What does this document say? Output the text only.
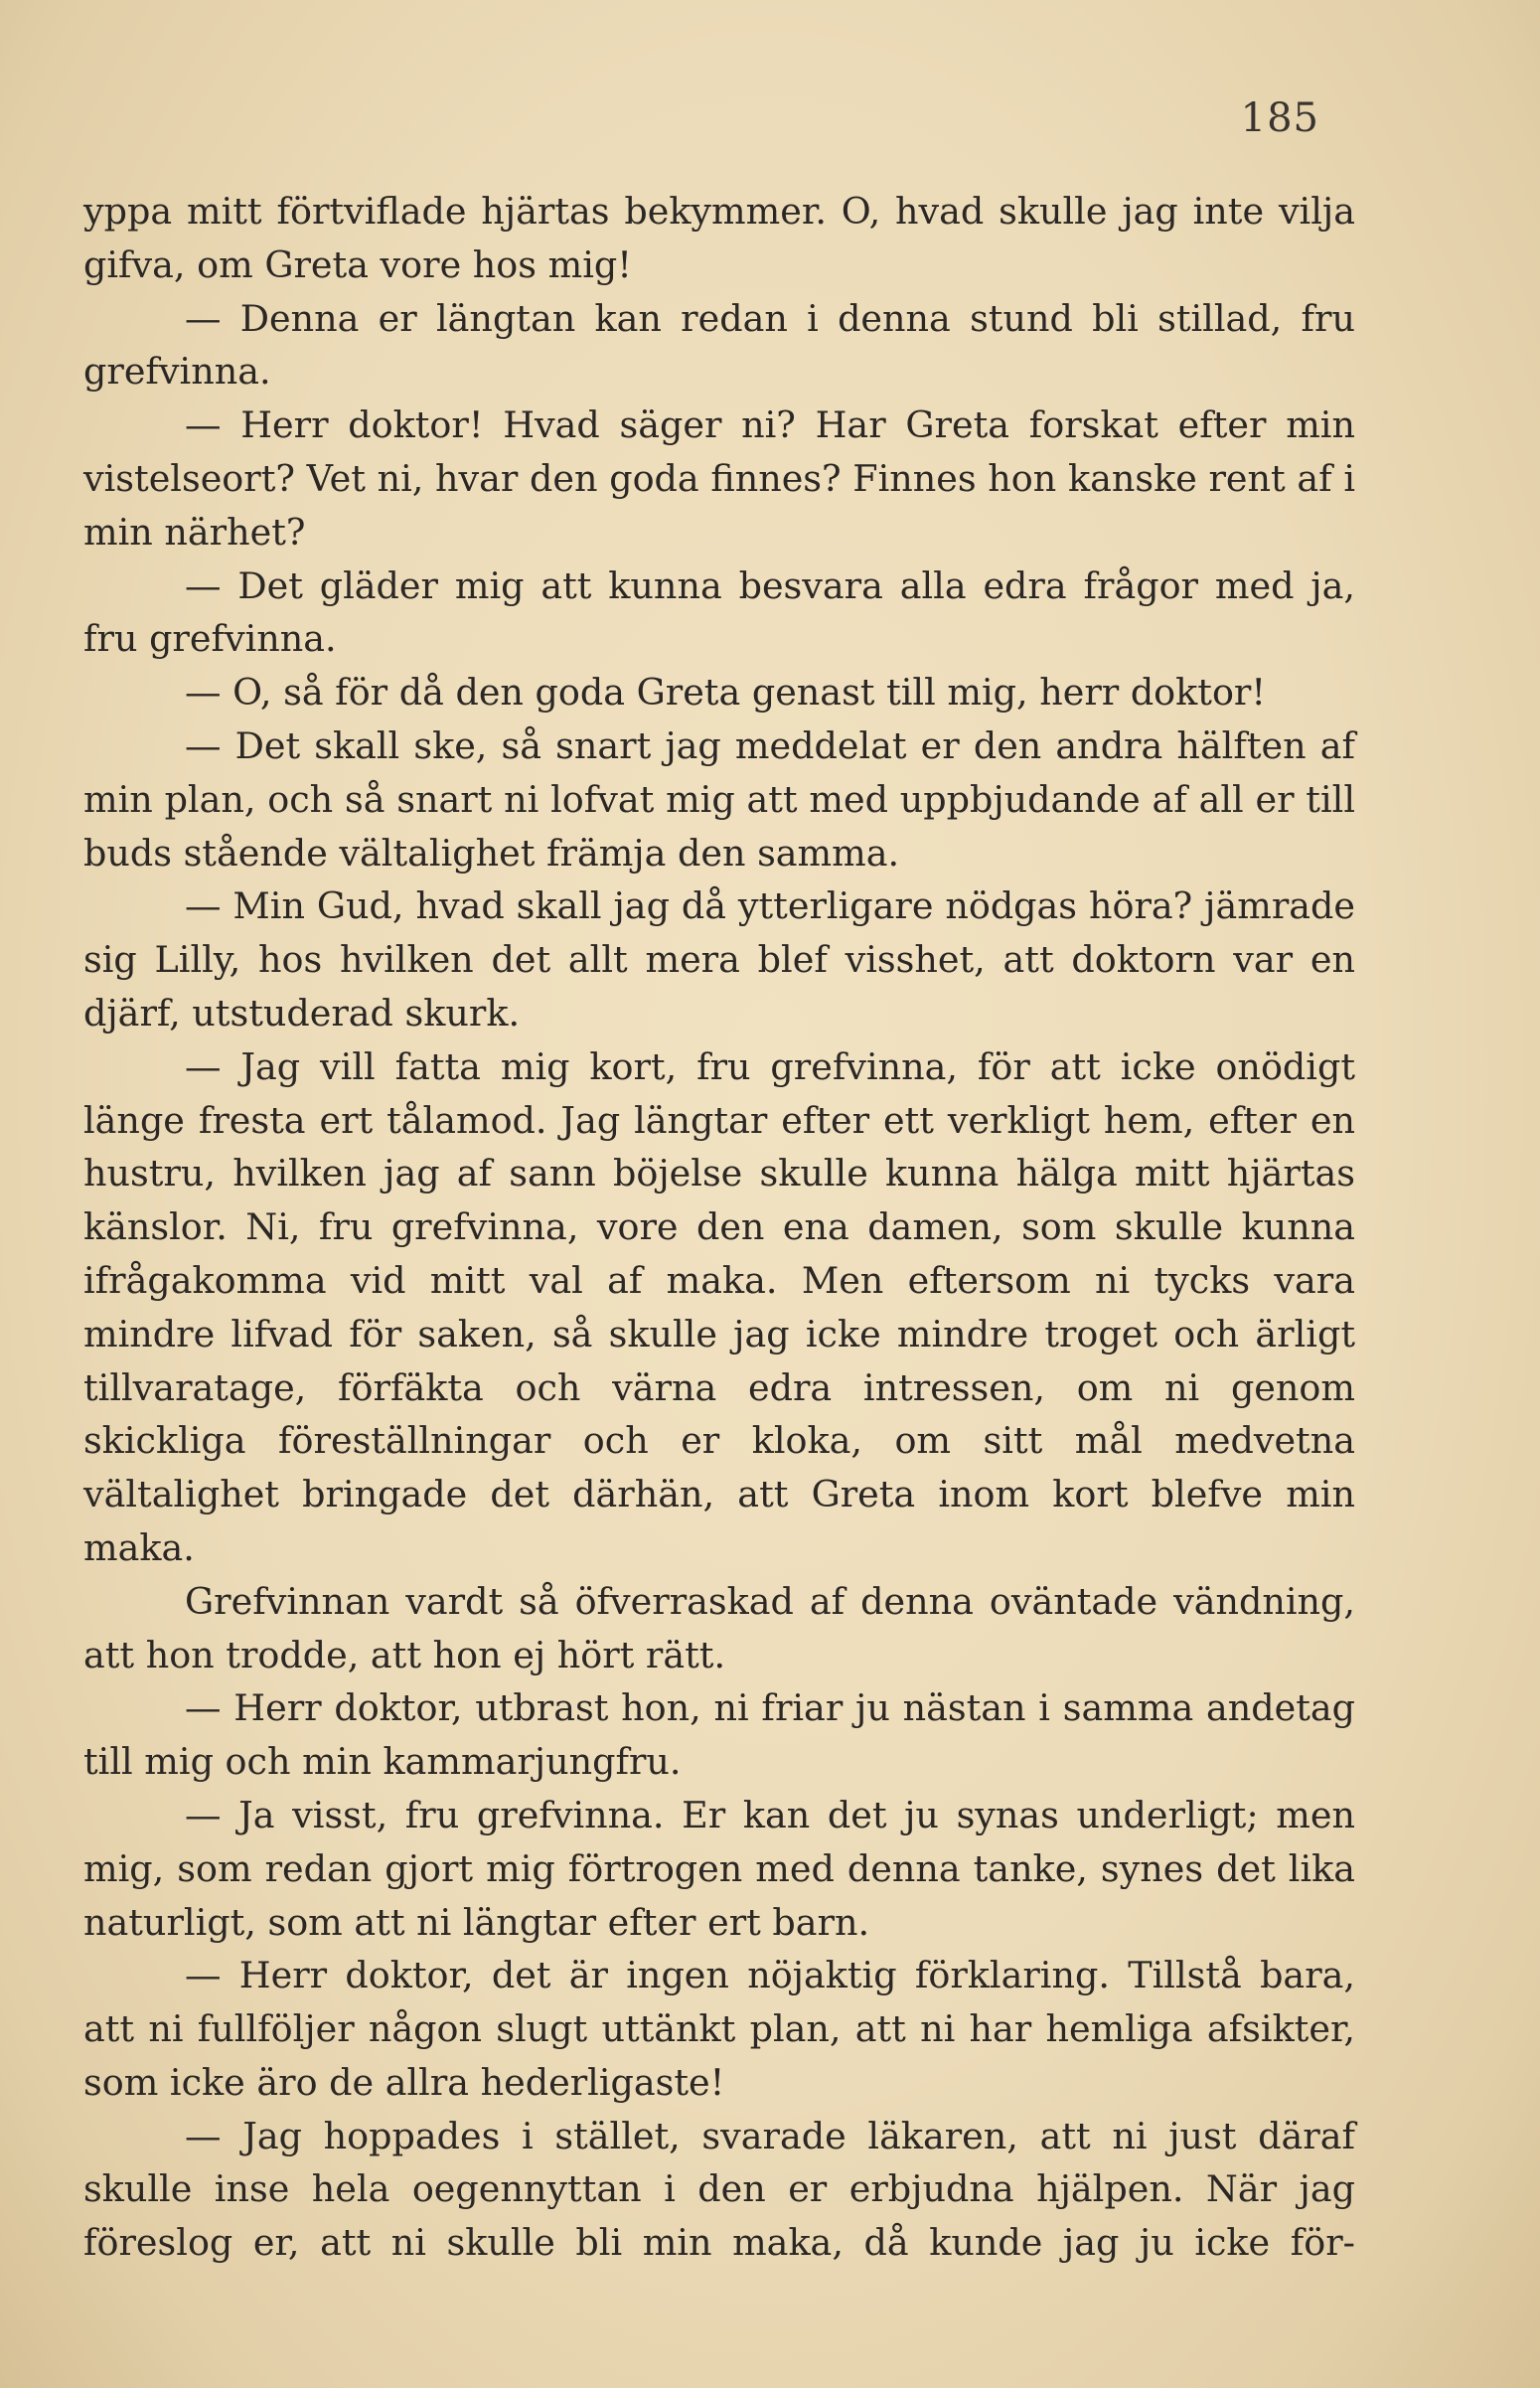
185

yppa mitt förtviflade hjärtas bekymmer. O, hvad skulle jag inte vilja gifva, om Greta vore hos mig!

— Denna er längtan kan redan i denna stund bli stillad, fru grefvinna.

— Herr doktor! Hvad säger ni? Har Greta forskat efter min vistelseort? Vet ni, hvar den goda finnes? Finnes hon kanske rent af i min närhet?

— Det gläder mig att kunna besvara alla edra frågor med ja, fru grefvinna.

— O, så för då den goda Greta genast till mig, herr doktor!

— Det skall ske, så snart jag meddelat er den andra hälften af min plan, och så snart ni lofvat mig att med uppbjudande af all er till buds stående vältalighet främja den samma.

— Min Gud, hvad skall jag då ytterligare nödgas höra? jämrade sig Lilly, hos hvilken det allt mera blef visshet, att doktorn var en djärf, utstuderad skurk.

— Jag vill fatta mig kort, fru grefvinna, för att icke onödigt länge fresta ert tålamod. Jag längtar efter ett verkligt hem, efter en hustru, hvilken jag af sann böjelse skulle kunna hälga mitt hjärtas känslor. Ni, fru grefvinna, vore den ena damen, som skulle kunna ifrågakomma vid mitt val af maka. Men eftersom ni tycks vara mindre lifvad för saken, så skulle jag icke mindre troget och ärligt tillvaratage, förfäkta och värna edra intressen, om ni genom skickliga föreställningar och er kloka, om sitt mål medvetna vältalighet bringade det därhän, att Greta inom kort blefve min maka.

Grefvinnan vardt så öfverraskad af denna oväntade vändning, att hon trodde, att hon ej hört rätt.

— Herr doktor, utbrast hon, ni friar ju nästan i samma andetag till mig och min kammarjungfru.

— Ja visst, fru grefvinna. Er kan det ju synas underligt; men mig, som redan gjort mig förtrogen med denna tanke, synes det lika naturligt, som att ni längtar efter ert barn.

— Herr doktor, det är ingen nöjaktig förklaring. Tillstå bara, att ni fullföljer någon slugt uttänkt plan, att ni har hemliga afsikter, som icke äro de allra hederligaste!

— Jag hoppades i stället, svarade läkaren, att ni just däraf skulle inse hela oegennyttan i den er erbjudna hjälpen. När jag föreslog er, att ni skulle bli min maka, då kunde jag ju icke för-
